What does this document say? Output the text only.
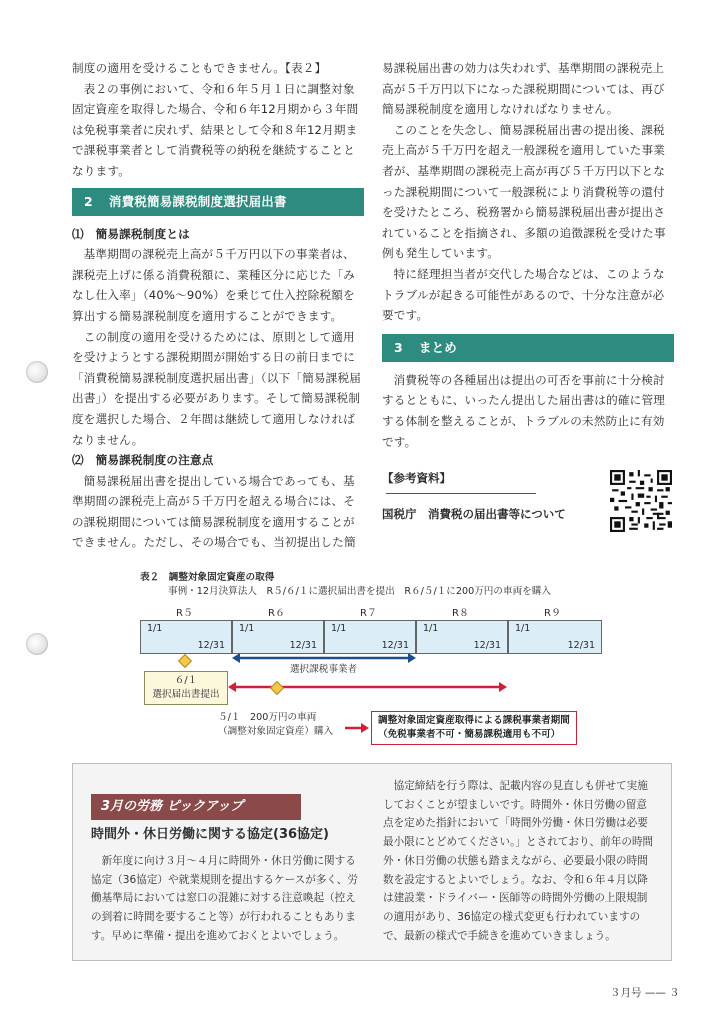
制度の適用を受けることもできません。【表２】

表２の事例において、令和６年５月１日に調整対象固定資産を取得した場合、令和６年12月期から３年間は免税事業者に戻れず、結果として令和８年12月期まで課税事業者として消費税等の納税を継続することとなります。

2 消費税簡易課税制度選択届出書

⑴　簡易課税制度とは

基準期間の課税売上高が５千万円以下の事業者は、課税売上げに係る消費税額に、業種区分に応じた「みなし仕入率」（40%〜90%）を乗じて仕入控除税額を算出する簡易課税制度を適用することができます。

この制度の適用を受けるためには、原則として適用を受けようとする課税期間が開始する日の前日までに「消費税簡易課税制度選択届出書」（以下「簡易課税届出書」）を提出する必要があります。そして簡易課税制度を選択した場合、２年間は継続して適用しなければなりません。

⑵　簡易課税制度の注意点

簡易課税届出書を提出している場合であっても、基準期間の課税売上高が５千万円を超える場合には、その課税期間については簡易課税制度を適用することができません。ただし、その場合でも、当初提出した簡

易課税届出書の効力は失われず、基準期間の課税売上高が５千万円以下になった課税期間については、再び簡易課税制度を適用しなければなりません。

このことを失念し、簡易課税届出書の提出後、課税売上高が５千万円を超え一般課税を適用していた事業者が、基準期間の課税売上高が再び５千万円以下となった課税期間について一般課税により消費税等の還付を受けたところ、税務署から簡易課税届出書が提出されていることを指摘され、多額の追徴課税を受けた事例も発生しています。

特に経理担当者が交代した場合などは、このようなトラブルが起きる可能性があるので、十分な注意が必要です。

3 まとめ

消費税等の各種届出は提出の可否を事前に十分検討するとともに、いったん提出した届出書は的確に管理する体制を整えることが、トラブルの未然防止に有効です。

【参考資料】
国税庁　消費税の届出書等について
表２　調整対象固定資産の取得
事例・12月決算法人　R５/６/１に選択届出書を提出　R６/５/１に200万円の車両を購入
R５	R６	R７	R８	R９
1/1
12/31
1/1
12/31
1/1
12/31
1/1
12/31
1/1
12/31
選択課税事業者
６/１
選択届出書提出
５/１　200万円の車両
（調整対象固定資産）購入
調整対象固定資産取得による課税事業者期間
（免税事業者不可・簡易課税適用も不可）
3月の労務 ピックアップ
時間外・休日労働に関する協定(36協定)

新年度に向け３月〜４月に時間外・休日労働に関する協定（36協定）や就業規則を提出するケースが多く、労働基準局においては窓口の混雑に対する注意喚起（控えの到着に時間を要すること等）が行われることもあります。早めに準備・提出を進めておくとよいでしょう。

協定締結を行う際は、記載内容の見直しも併せて実施しておくことが望ましいです。時間外・休日労働の留意点を定めた指針において「時間外労働・休日労働は必要最小限にとどめてください。」とされており、前年の時間外・休日労働の状態も踏まえながら、必要最小限の時間数を設定するとよいでしょう。なお、令和６年４月以降は建設業・ドライバー・医師等の時間外労働の上限規制の適用があり、36協定の様式変更も行われていますので、最新の様式で手続きを進めていきましょう。

３月号 —— ３
